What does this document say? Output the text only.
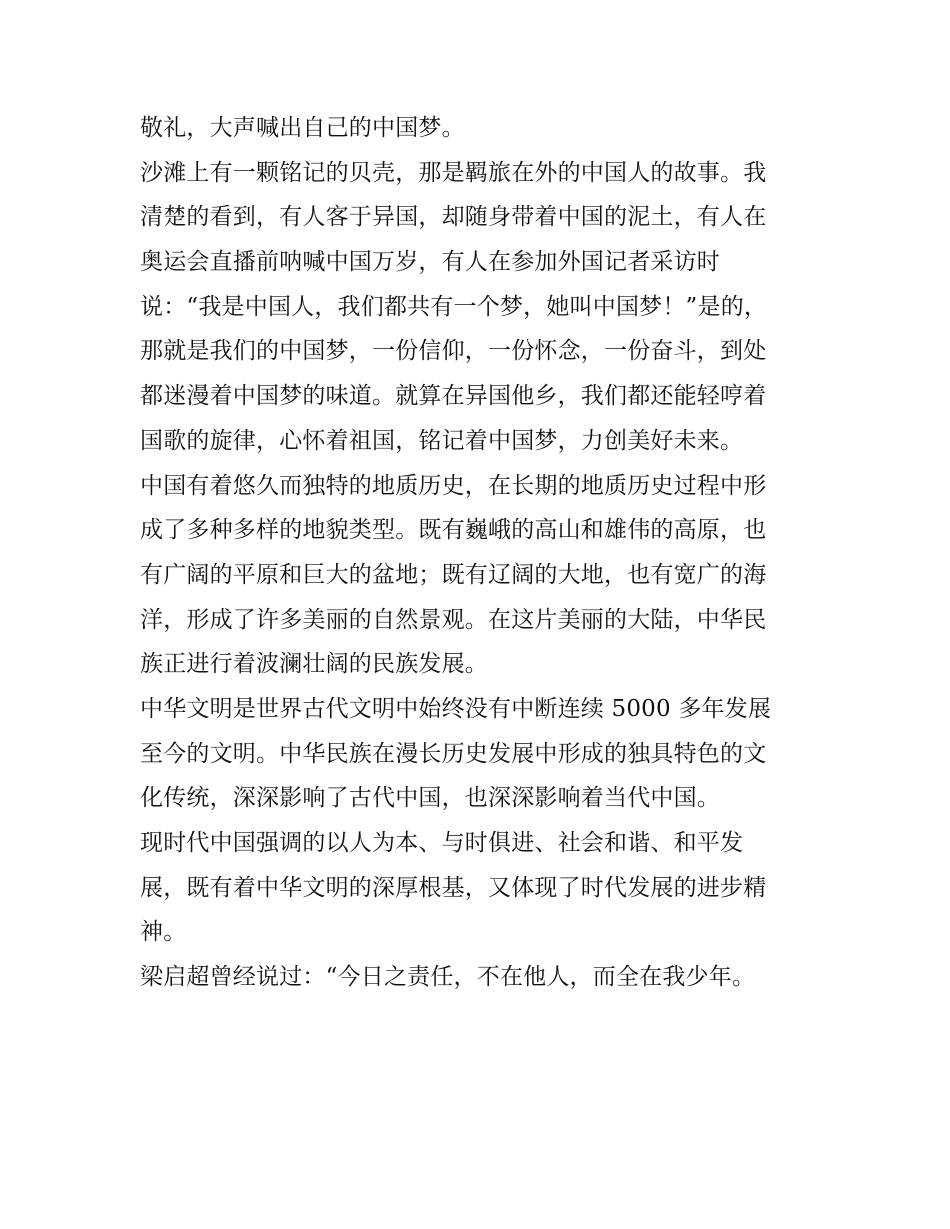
敬礼，大声喊出自己的中国梦。
沙滩上有一颗铭记的贝壳，那是羁旅在外的中国人的故事。我
清楚的看到，有人客于异国，却随身带着中国的泥土，有人在
奥运会直播前呐喊中国万岁，有人在参加外国记者采访时
说：“我是中国人，我们都共有一个梦，她叫中国梦！”是的，
那就是我们的中国梦，一份信仰，一份怀念，一份奋斗，到处
都迷漫着中国梦的味道。就算在异国他乡，我们都还能轻哼着
国歌的旋律，心怀着祖国，铭记着中国梦，力创美好未来。
中国有着悠久而独特的地质历史，在长期的地质历史过程中形
成了多种多样的地貌类型。既有巍峨的高山和雄伟的高原，也
有广阔的平原和巨大的盆地；既有辽阔的大地，也有宽广的海
洋，形成了许多美丽的自然景观。在这片美丽的大陆，中华民
族正进行着波澜壮阔的民族发展。
中华文明是世界古代文明中始终没有中断连续 5000 多年发展
至今的文明。中华民族在漫长历史发展中形成的独具特色的文
化传统，深深影响了古代中国，也深深影响着当代中国。
现时代中国强调的以人为本、与时俱进、社会和谐、和平发
展，既有着中华文明的深厚根基，又体现了时代发展的进步精
神。
梁启超曾经说过：“今日之责任，不在他人，而全在我少年。
